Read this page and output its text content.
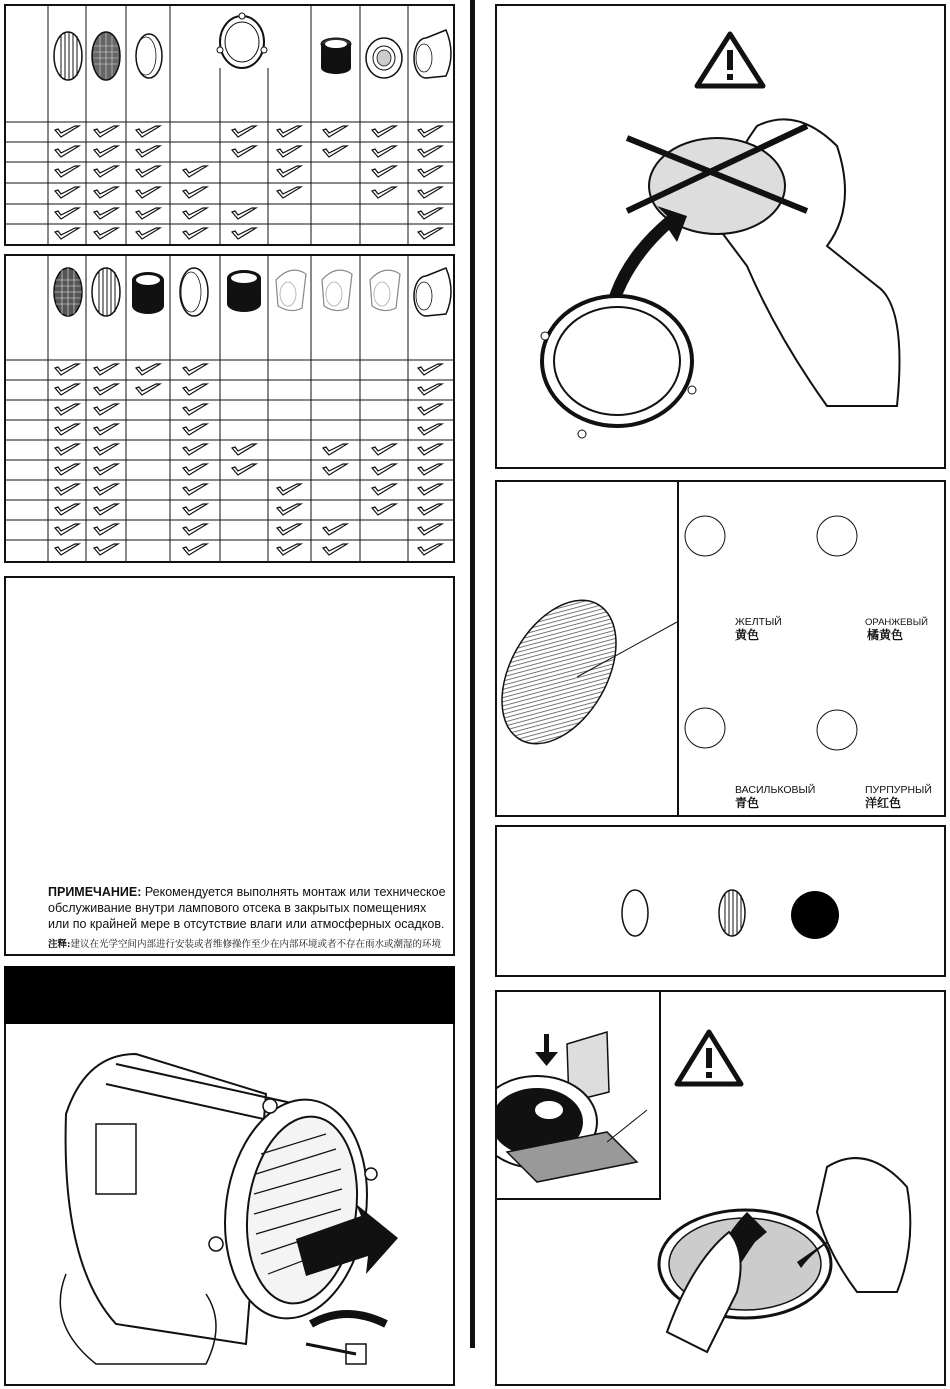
ПРИМЕЧАНИЕ: Рекомендуется выполнять монтаж или техническое обслуживание внутри лампового отсека в закрытых помещениях или по крайней мере в отсутствие влаги или атмосферных осадков.
注释:建议在光学空间内部进行安装或者维修操作至少在内部环境或者不存在雨水或潮湿的环境
ЖЕЛТЫЙ
黄色
ОРАНЖЕВЫЙ
橘黄色
ВАСИЛЬКОВЫЙ
青色
ПУРПУРНЫЙ
洋红色
